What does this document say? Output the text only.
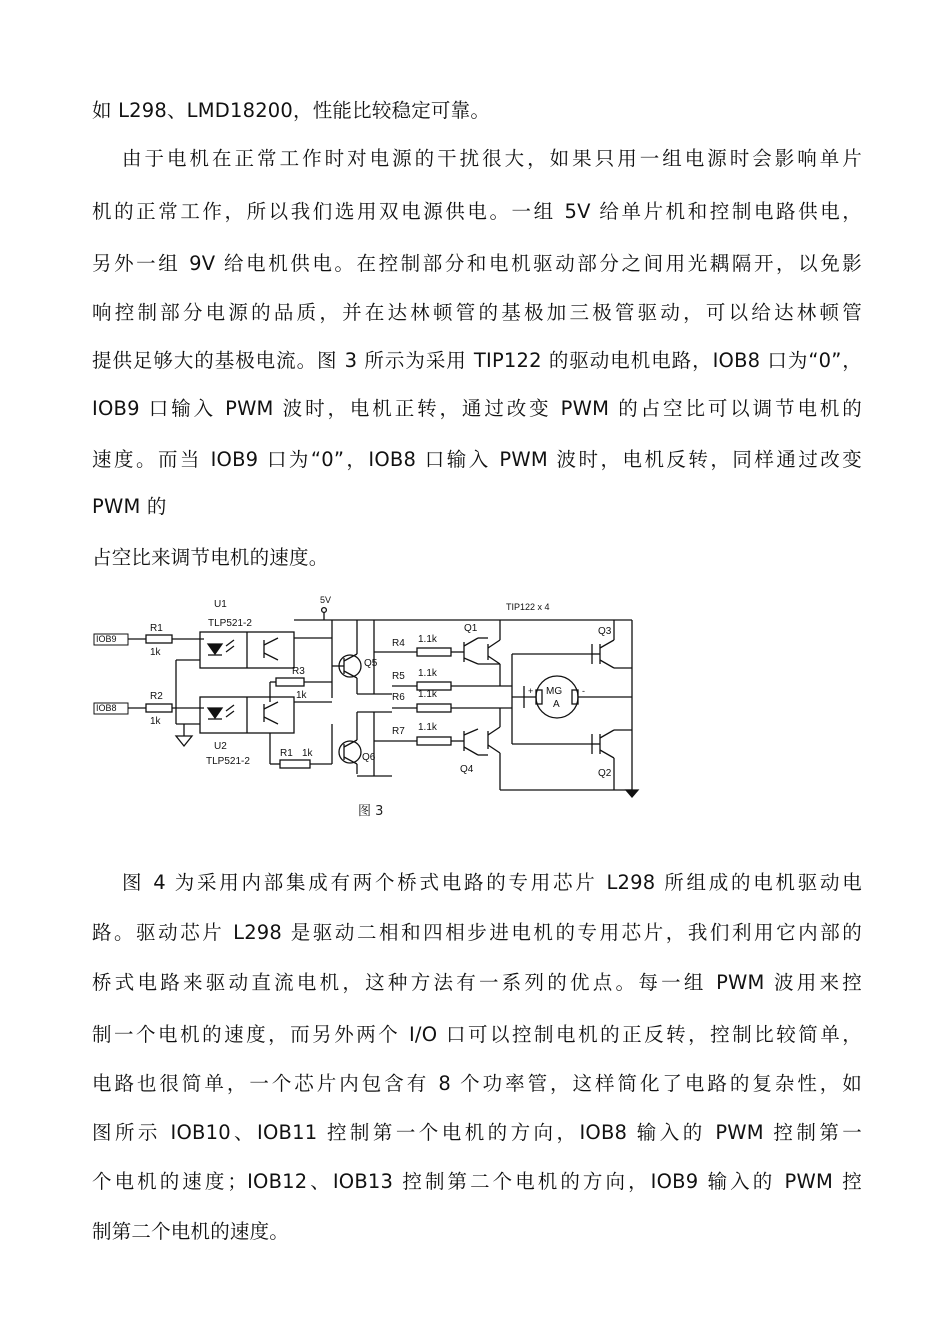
如 L298、LMD18200，性能比较稳定可靠。
由于电机在正常工作时对电源的干扰很大，如果只用一组电源时会影响单片
机的正常工作，所以我们选用双电源供电。一组 5V 给单片机和控制电路供电，
另外一组 9V 给电机供电。在控制部分和电机驱动部分之间用光耦隔开，以免影
响控制部分电源的品质，并在达林顿管的基极加三极管驱动，可以给达林顿管
提供足够大的基极电流。图 3 所示为采用 TIP122 的驱动电机电路，IOB8 口为“0”，
IOB9 口输入 PWM 波时，电机正转，通过改变 PWM 的占空比可以调节电机的
速度。而当 IOB9 口为“0”，IOB8 口输入 PWM 波时，电机反转，同样通过改变
PWM 的
占空比来调节电机的速度。
IOB9
IOB8
R1
1k
R2
1k
U1
TLP521-2
U2
TLP521-2
5V
R3
1k
R1 1k
Q5
Q6
R4 1.1k
R5 1.1k
R6 1.1k
R7 1.1k
TIP122 x 4
Q1
Q4
MG
A
+	-
Q3
Q2
图 3
图 4 为采用内部集成有两个桥式电路的专用芯片 L298 所组成的电机驱动电
路。驱动芯片 L298 是驱动二相和四相步进电机的专用芯片，我们利用它内部的
桥式电路来驱动直流电机，这种方法有一系列的优点。每一组 PWM 波用来控
制一个电机的速度，而另外两个 I/O 口可以控制电机的正反转，控制比较简单，
电路也很简单，一个芯片内包含有 8 个功率管，这样简化了电路的复杂性，如
图所示 IOB10、IOB11 控制第一个电机的方向，IOB8 输入的 PWM 控制第一
个电机的速度；IOB12、IOB13 控制第二个电机的方向，IOB9 输入的 PWM 控
制第二个电机的速度。
